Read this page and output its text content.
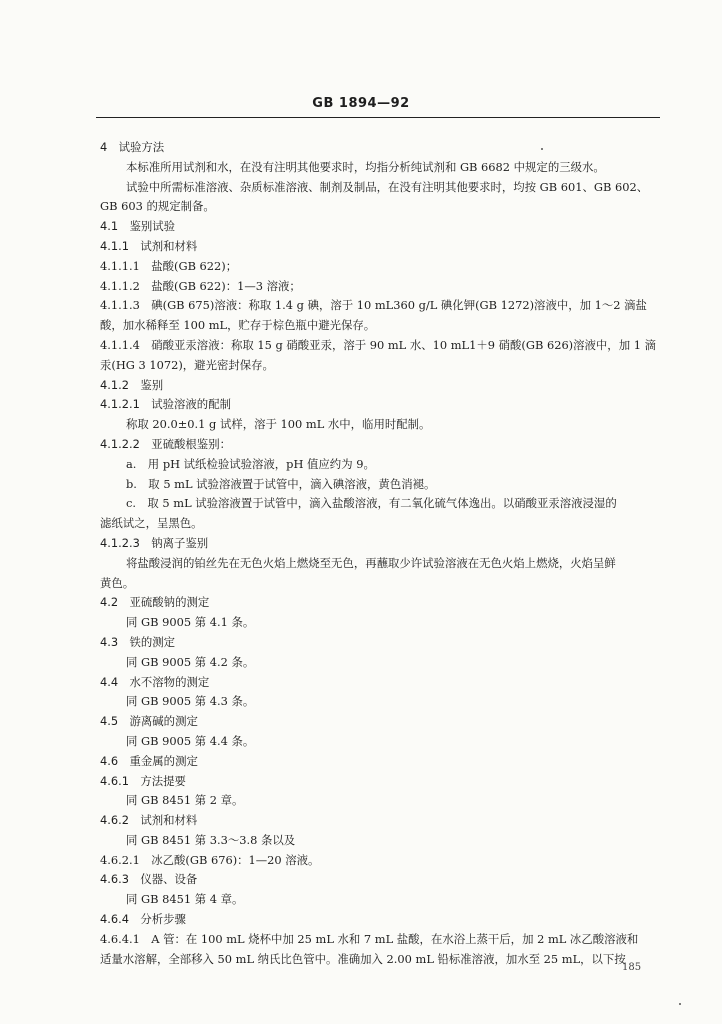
GB 1894—92
4　试验方法
本标准所用试剂和水，在没有注明其他要求时，均指分析纯试剂和 GB 6682 中规定的三级水。
试验中所需标准溶液、杂质标准溶液、制剂及制品，在没有注明其他要求时，均按 GB 601、GB 602、
GB 603 的规定制备。
4.1　鉴别试验
4.1.1　试剂和材料
4.1.1.1　盐酸(GB 622)；
4.1.1.2　盐酸(GB 622)：1—3 溶液；
4.1.1.3　碘(GB 675)溶液：称取 1.4 g 碘，溶于 10 mL360 g/L 碘化钾(GB 1272)溶液中，加 1～2 滴盐
酸，加水稀释至 100 mL，贮存于棕色瓶中避光保存。
4.1.1.4　硝酸亚汞溶液：称取 15 g 硝酸亚汞，溶于 90 mL 水、10 mL1＋9 硝酸(GB 626)溶液中，加 1 滴
汞(HG 3 1072)，避光密封保存。
4.1.2　鉴别
4.1.2.1　试验溶液的配制
称取 20.0±0.1 g 试样，溶于 100 mL 水中，临用时配制。
4.1.2.2　亚硫酸根鉴别：
a.　用 pH 试纸检验试验溶液，pH 值应约为 9。
b.　取 5 mL 试验溶液置于试管中，滴入碘溶液，黄色消褪。
c.　取 5 mL 试验溶液置于试管中，滴入盐酸溶液，有二氧化硫气体逸出。以硝酸亚汞溶液浸湿的
滤纸试之，呈黑色。
4.1.2.3　钠离子鉴别
将盐酸浸润的铂丝先在无色火焰上燃烧至无色，再蘸取少许试验溶液在无色火焰上燃烧，火焰呈鲜
黄色。
4.2　亚硫酸钠的测定
同 GB 9005 第 4.1 条。
4.3　铁的测定
同 GB 9005 第 4.2 条。
4.4　水不溶物的测定
同 GB 9005 第 4.3 条。
4.5　游离碱的测定
同 GB 9005 第 4.4 条。
4.6　重金属的测定
4.6.1　方法提要
同 GB 8451 第 2 章。
4.6.2　试剂和材料
同 GB 8451 第 3.3～3.8 条以及
4.6.2.1　冰乙酸(GB 676)：1—20 溶液。
4.6.3　仪器、设备
同 GB 8451 第 4 章。
4.6.4　分析步骤
4.6.4.1　A 管：在 100 mL 烧杯中加 25 mL 水和 7 mL 盐酸，在水浴上蒸干后，加 2 mL 冰乙酸溶液和
适量水溶解，全部移入 50 mL 纳氏比色管中。准确加入 2.00 mL 铅标准溶液，加水至 25 mL，以下按
185
